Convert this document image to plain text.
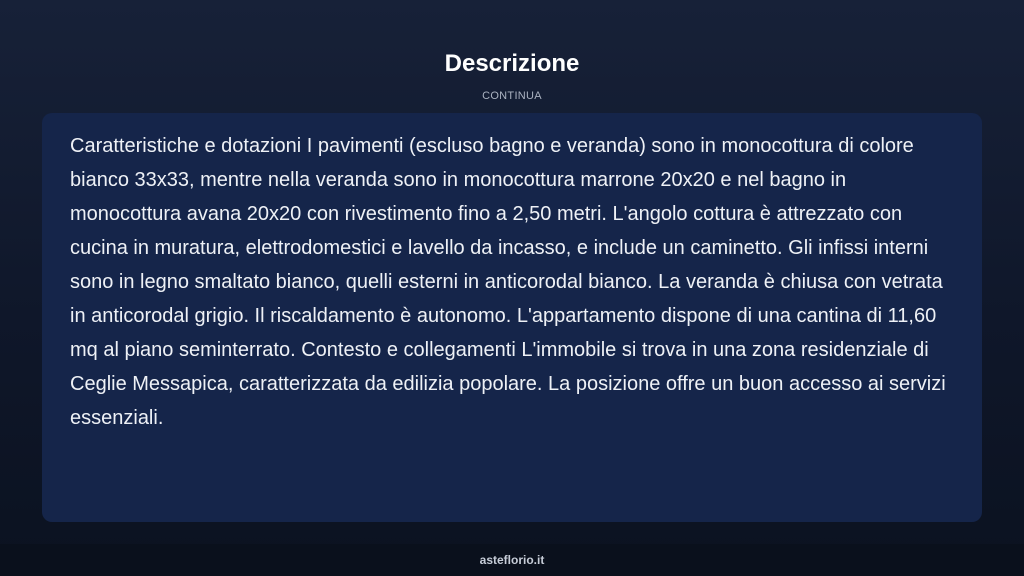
Descrizione
CONTINUA

Caratteristiche e dotazioni I pavimenti (escluso bagno e veranda) sono in monocottura di colore bianco 33x33, mentre nella veranda sono in monocottura marrone 20x20 e nel bagno in monocottura avana 20x20 con rivestimento fino a 2,50 metri. L'angolo cottura è attrezzato con cucina in muratura, elettrodomestici e lavello da incasso, e include un caminetto. Gli infissi interni sono in legno smaltato bianco, quelli esterni in anticorodal bianco. La veranda è chiusa con vetrata in anticorodal grigio. Il riscaldamento è autonomo. L'appartamento dispone di una cantina di 11,60 mq al piano seminterrato. Contesto e collegamenti L'immobile si trova in una zona residenziale di Ceglie Messapica, caratterizzata da edilizia popolare. La posizione offre un buon accesso ai servizi essenziali.

asteflorio.it
